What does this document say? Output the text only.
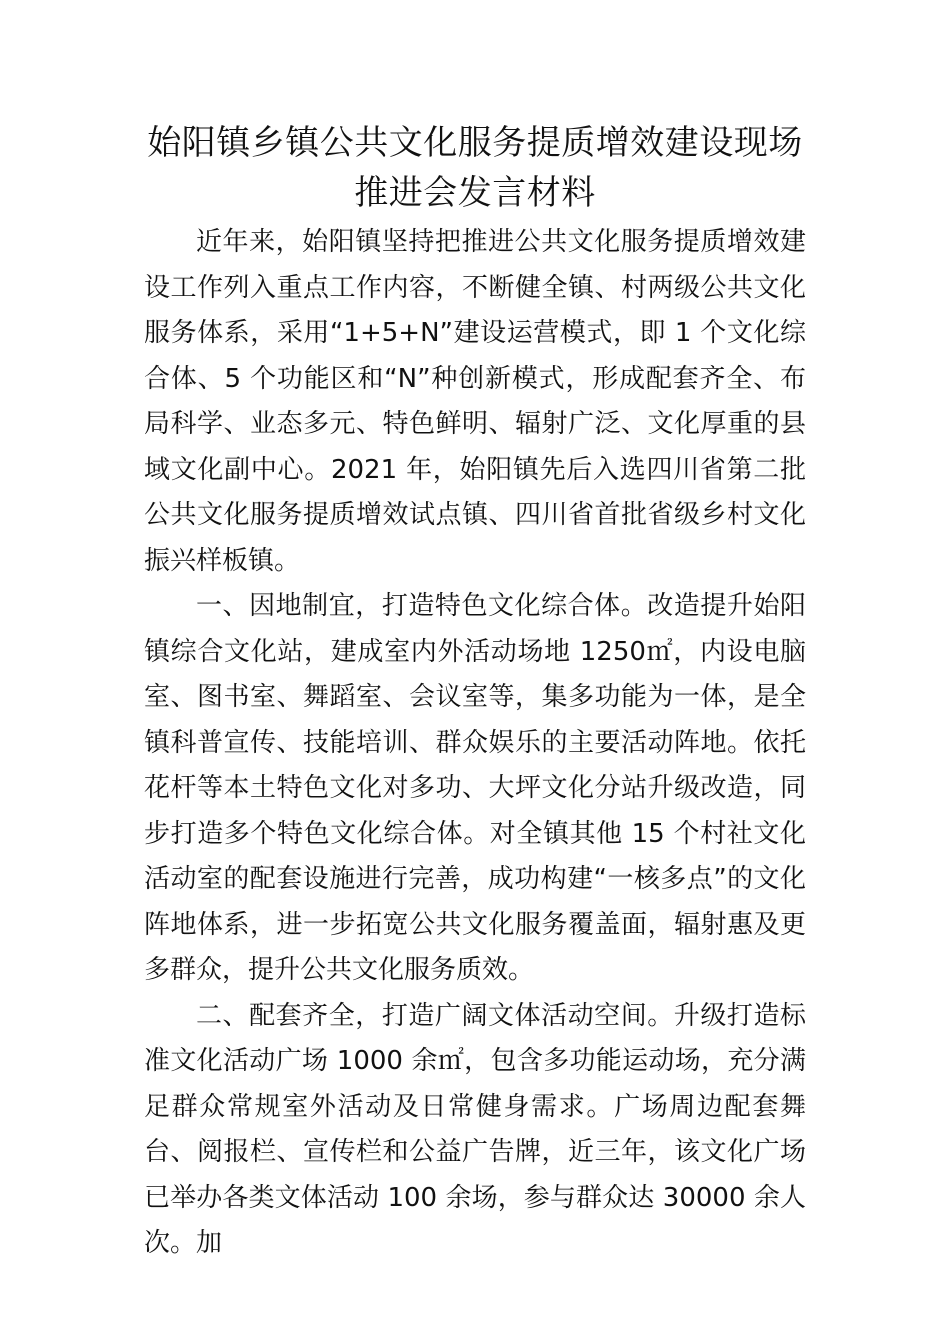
始阳镇乡镇公共文化服务提质增效建设现场推进会发言材料

近年来，始阳镇坚持把推进公共文化服务提质增效建设工作列入重点工作内容，不断健全镇、村两级公共文化服务体系，采用“1+5+N”建设运营模式，即 1 个文化综合体、5 个功能区和“N”种创新模式，形成配套齐全、布局科学、业态多元、特色鲜明、辐射广泛、文化厚重的县域文化副中心。2021 年，始阳镇先后入选四川省第二批公共文化服务提质增效试点镇、四川省首批省级乡村文化振兴样板镇。

一、因地制宜，打造特色文化综合体。改造提升始阳镇综合文化站，建成室内外活动场地 1250㎡，内设电脑室、图书室、舞蹈室、会议室等，集多功能为一体，是全镇科普宣传、技能培训、群众娱乐的主要活动阵地。依托花杆等本土特色文化对多功、大坪文化分站升级改造，同步打造多个特色文化综合体。对全镇其他 15 个村社文化活动室的配套设施进行完善，成功构建“一核多点”的文化阵地体系，进一步拓宽公共文化服务覆盖面，辐射惠及更多群众，提升公共文化服务质效。

二、配套齐全，打造广阔文体活动空间。升级打造标准文化活动广场 1000 余㎡，包含多功能运动场，充分满足群众常规室外活动及日常健身需求。广场周边配套舞台、阅报栏、宣传栏和公益广告牌，近三年，该文化广场已举办各类文体活动 100 余场，参与群众达 30000 余人次。加
